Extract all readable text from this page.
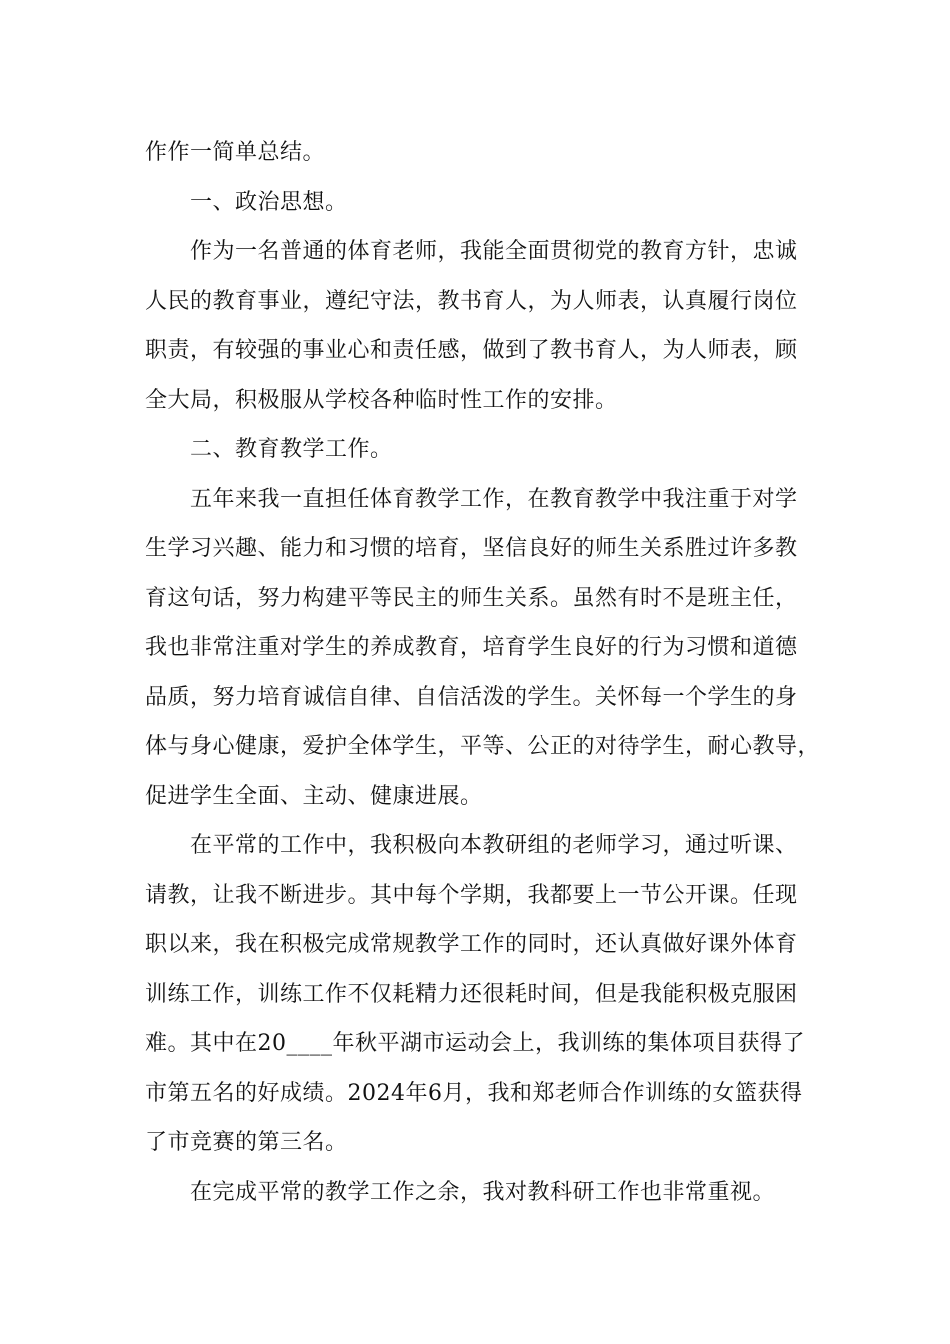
作作一简单总结。
一、政治思想。
作为一名普通的体育老师，我能全面贯彻党的教育方针，忠诚
人民的教育事业，遵纪守法，教书育人，为人师表，认真履行岗位
职责，有较强的事业心和责任感，做到了教书育人，为人师表，顾
全大局，积极服从学校各种临时性工作的安排。
二、教育教学工作。
五年来我一直担任体育教学工作，在教育教学中我注重于对学
生学习兴趣、能力和习惯的培育，坚信良好的师生关系胜过许多教
育这句话，努力构建平等民主的师生关系。虽然有时不是班主任，
我也非常注重对学生的养成教育，培育学生良好的行为习惯和道德
品质，努力培育诚信自律、自信活泼的学生。关怀每一个学生的身
体与身心健康，爱护全体学生，平等、公正的对待学生，耐心教导，
促进学生全面、主动、健康进展。
在平常的工作中，我积极向本教研组的老师学习，通过听课、
请教，让我不断进步。其中每个学期，我都要上一节公开课。任现
职以来，我在积极完成常规教学工作的同时，还认真做好课外体育
训练工作，训练工作不仅耗精力还很耗时间，但是我能积极克服困
难。其中在20____年秋平湖市运动会上，我训练的集体项目获得了
市第五名的好成绩。2024年6月，我和郑老师合作训练的女篮获得
了市竞赛的第三名。
在完成平常的教学工作之余，我对教科研工作也非常重视。
